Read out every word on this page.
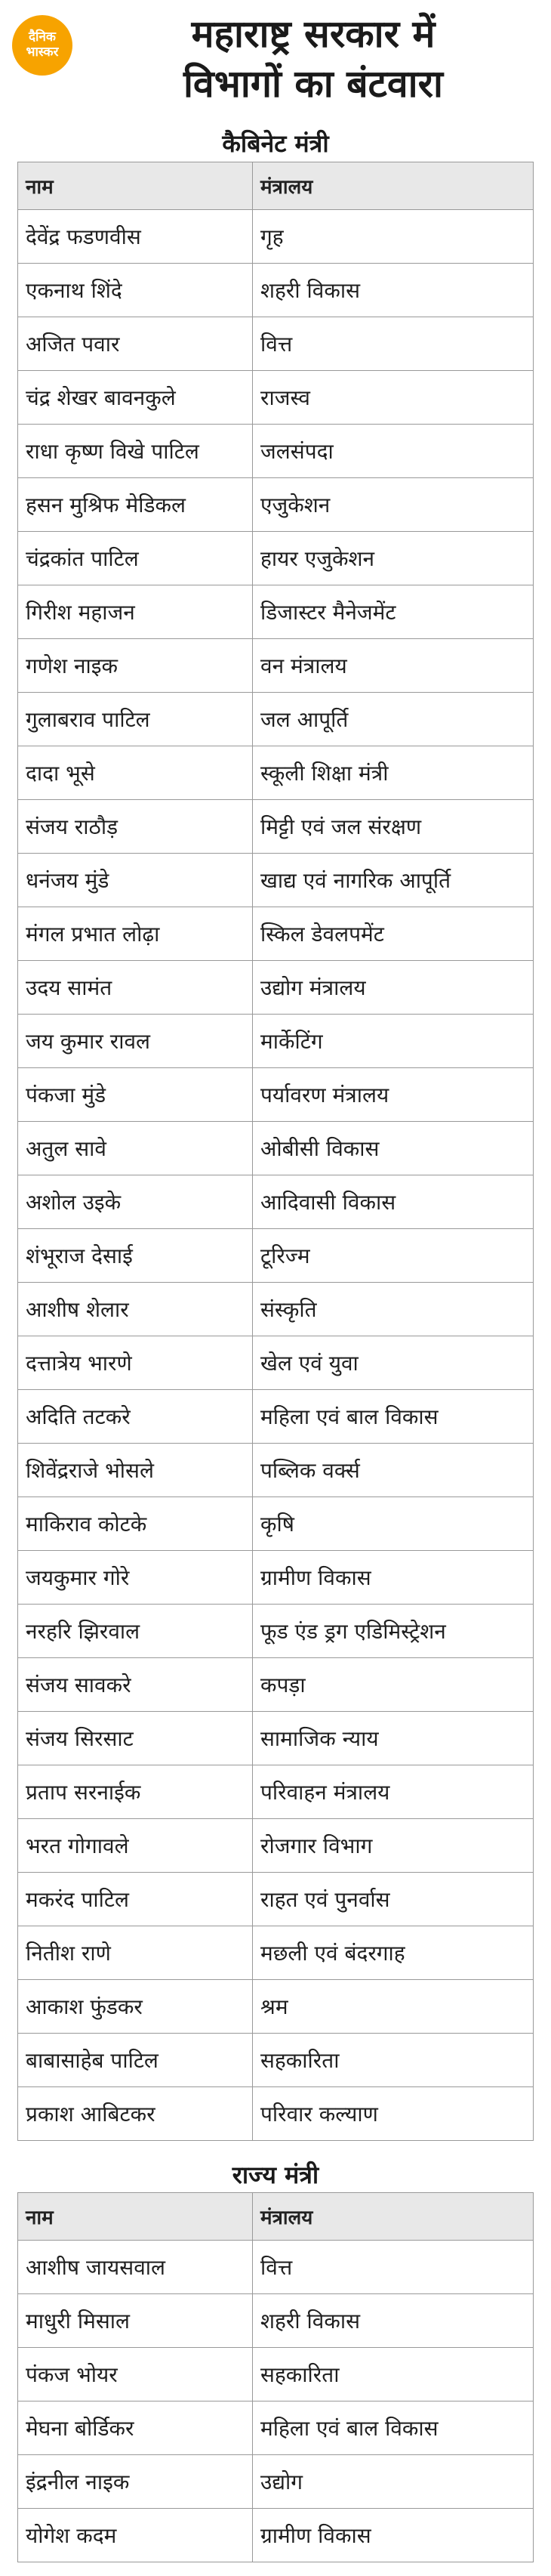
दैनिक
भास्कर	महाराष्ट्र सरकार में
विभागों का बंटवारा
कैबिनेट मंत्री
नाम	मंत्रालय
देवेंद्र फडणवीस	गृह
एकनाथ शिंदे	शहरी विकास
अजित पवार	वित्त
चंद्र शेखर बावनकुले	राजस्व
राधा कृष्ण विखे पाटिल	जलसंपदा
हसन मुश्रिफ मेडिकल	एजुकेशन
चंद्रकांत पाटिल	हायर एजुकेशन
गिरीश महाजन	डिजास्टर मैनेजमेंट
गणेश नाइक	वन मंत्रालय
गुलाबराव पाटिल	जल आपूर्ति
दादा भूसे	स्कूली शिक्षा मंत्री
संजय राठौड़	मिट्टी एवं जल संरक्षण
धनंजय मुंडे	खाद्य एवं नागरिक आपूर्ति
मंगल प्रभात लोढ़ा	स्किल डेवलपमेंट
उदय सामंत	उद्योग मंत्रालय
जय कुमार रावल	मार्केटिंग
पंकजा मुंडे	पर्यावरण मंत्रालय
अतुल सावे	ओबीसी विकास
अशोल उइके	आदिवासी विकास
शंभूराज देसाई	टूरिज्म
आशीष शेलार	संस्कृति
दत्तात्रेय भारणे	खेल एवं युवा
अदिति तटकरे	महिला एवं बाल विकास
शिवेंद्रराजे भोसले	पब्लिक वर्क्स
माकिराव कोटके	कृषि
जयकुमार गोरे	ग्रामीण विकास
नरहरि झिरवाल	फूड एंड ड्रग एडिमिस्ट्रेशन
संजय सावकरे	कपड़ा
संजय सिरसाट	सामाजिक न्याय
प्रताप सरनाईक	परिवाहन मंत्रालय
भरत गोगावले	रोजगार विभाग
मकरंद पाटिल	राहत एवं पुनर्वास
नितीश राणे	मछली एवं बंदरगाह
आकाश फुंडकर	श्रम
बाबासाहेब पाटिल	सहकारिता
प्रकाश आबिटकर	परिवार कल्याण
राज्य मंत्री
नाम	मंत्रालय
आशीष जायसवाल	वित्त
माधुरी मिसाल	शहरी विकास
पंकज भोयर	सहकारिता
मेघना बोर्डिकर	महिला एवं बाल विकास
इंद्रनील नाइक	उद्योग
योगेश कदम	ग्रामीण विकास
